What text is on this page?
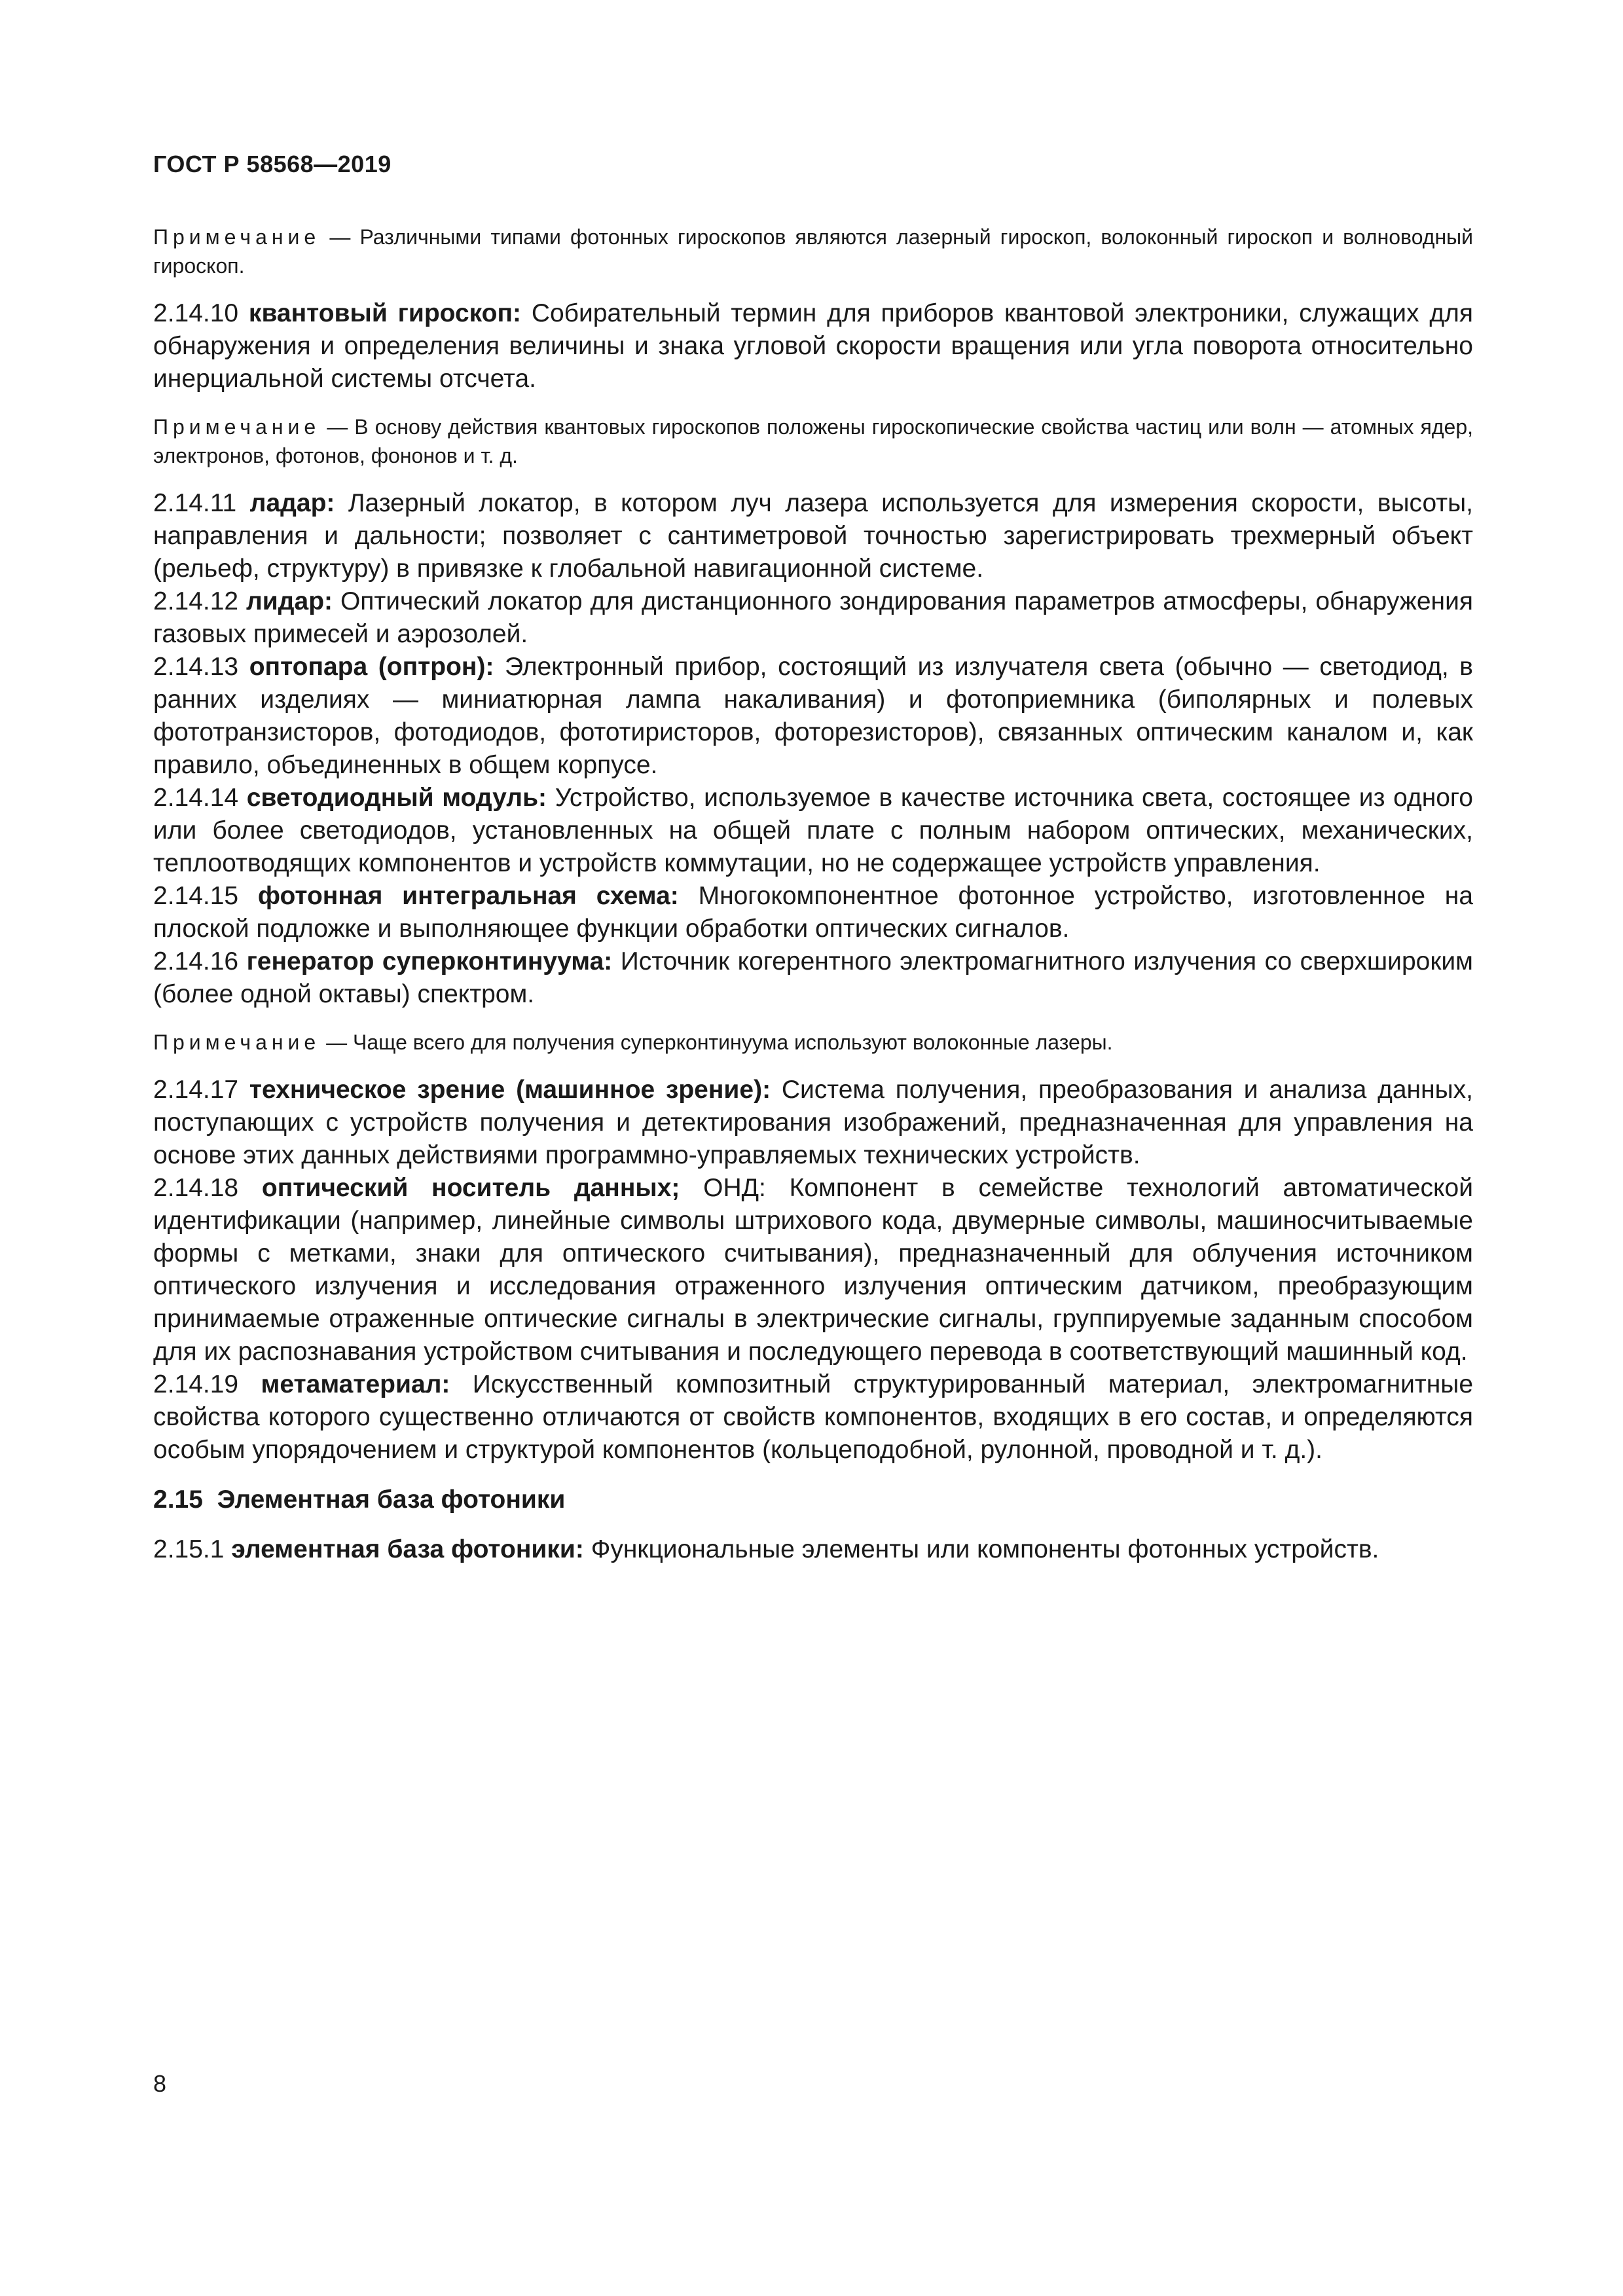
ГОСТ Р 58568—2019

Примечание — Различными типами фотонных гироскопов являются лазерный гироскоп, волоконный гироскоп и волноводный гироскоп.

2.14.10 квантовый гироскоп: Собирательный термин для приборов квантовой электроники, служащих для обнаружения и определения величины и знака угловой скорости вращения или угла поворота относительно инерциальной системы отсчета.

Примечание — В основу действия квантовых гироскопов положены гироскопические свойства частиц или волн — атомных ядер, электронов, фотонов, фононов и т. д.

2.14.11 ладар: Лазерный локатор, в котором луч лазера используется для измерения скорости, высоты, направления и дальности; позволяет с сантиметровой точностью зарегистрировать трехмерный объект (рельеф, структуру) в привязке к глобальной навигационной системе.

2.14.12 лидар: Оптический локатор для дистанционного зондирования параметров атмосферы, обнаружения газовых примесей и аэрозолей.

2.14.13 оптопара (оптрон): Электронный прибор, состоящий из излучателя света (обычно — светодиод, в ранних изделиях — миниатюрная лампа накаливания) и фотоприемника (биполярных и полевых фототранзисторов, фотодиодов, фототиристоров, фоторезисторов), связанных оптическим каналом и, как правило, объединенных в общем корпусе.

2.14.14 светодиодный модуль: Устройство, используемое в качестве источника света, состоящее из одного или более светодиодов, установленных на общей плате с полным набором оптических, механических, теплоотводящих компонентов и устройств коммутации, но не содержащее устройств управления.

2.14.15 фотонная интегральная схема: Многокомпонентное фотонное устройство, изготовленное на плоской подложке и выполняющее функции обработки оптических сигналов.

2.14.16 генератор суперконтинуума: Источник когерентного электромагнитного излучения со сверхшироким (более одной октавы) спектром.

Примечание — Чаще всего для получения суперконтинуума используют волоконные лазеры.

2.14.17 техническое зрение (машинное зрение): Система получения, преобразования и анализа данных, поступающих с устройств получения и детектирования изображений, предназначенная для управления на основе этих данных действиями программно-управляемых технических устройств.

2.14.18 оптический носитель данных; ОНД: Компонент в семействе технологий автоматической идентификации (например, линейные символы штрихового кода, двумерные символы, машиносчитываемые формы с метками, знаки для оптического считывания), предназначенный для облучения источником оптического излучения и исследования отраженного излучения оптическим датчиком, преобразующим принимаемые отраженные оптические сигналы в электрические сигналы, группируемые заданным способом для их распознавания устройством считывания и последующего перевода в соответствующий машинный код.

2.14.19 метаматериал: Искусственный композитный структурированный материал, электромагнитные свойства которого существенно отличаются от свойств компонентов, входящих в его состав, и определяются особым упорядочением и структурой компонентов (кольцеподобной, рулонной, проводной и т. д.).

2.15 Элементная база фотоники

2.15.1 элементная база фотоники: Функциональные элементы или компоненты фотонных устройств.

8
